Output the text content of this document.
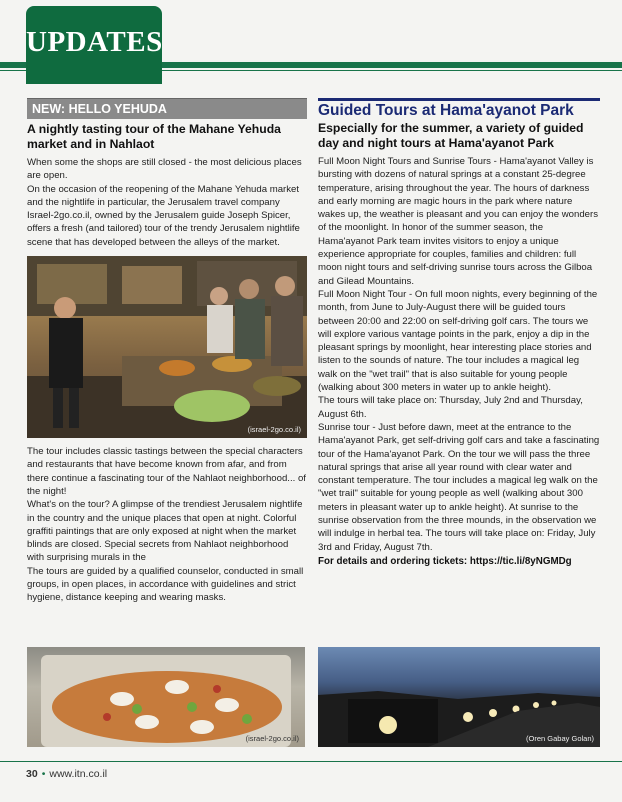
UPDATES
NEW: HELLO YEHUDA
A nightly tasting tour of the Mahane Yehuda market and in Nahlaot

When some the shops are still closed - the most delicious places are open.

On the occasion of the reopening of the Mahane Yehuda market and the nightlife in particular, the Jerusalem travel company Israel-2go.co.il, owned by the Jerusalem guide Joseph Spicer, offers a fresh (and tailored) tour of the trendy Jerusalem nightlife scene that has developed between the alleys of the market.

(israel-2go.co.il)

The tour includes classic tastings between the special characters and restaurants that have become known from afar, and from there continue a fascinating tour of the Nahlaot neighborhood... of the night!

What's on the tour? A glimpse of the trendiest Jerusalem nightlife in the country and the unique places that open at night. Colorful graffiti paintings that are only exposed at night when the market blinds are closed. Special secrets from Nahlaot neighborhood with surprising murals in the

The tours are guided by a qualified counselor, conducted in small groups, in open places, in accordance with guidelines and strict hygiene, distance keeping and wearing masks.

(israel-2go.co.il)
Guided Tours at Hama'ayanot Park
Especially for the summer, a variety of guided day and night tours at Hama'ayanot Park

Full Moon Night Tours and Sunrise Tours - Hama'ayanot Valley is bursting with dozens of natural springs at a constant 25-degree temperature, arising throughout the year. The hours of darkness and early morning are magic hours in the park where nature wakes up, the weather is pleasant and you can enjoy the wonders of the moonlight. In honor of the summer season, the Hama'ayanot Park team invites visitors to enjoy a unique experience appropriate for couples, families and children: full moon night tours and self-driving sunrise tours across the Gilboa and Gilead Mountains.

Full Moon Night Tour - On full moon nights, every beginning of the month, from June to July-August there will be guided tours between 20:00 and 22:00 on self-driving golf cars. The tours we will explore various vantage points in the park, enjoy a dip in the pleasant springs by moonlight, hear interesting place stories and listen to the sounds of nature. The tour includes a magical leg walk on the "wet trail" that is also suitable for young people (walking about 300 meters in water up to ankle height).

The tours will take place on: Thursday, July 2nd and Thursday, August 6th.

Sunrise tour - Just before dawn, meet at the entrance to the Hama'ayanot Park, get self-driving golf cars and take a fascinating tour of the Hama'ayanot Park. On the tour we will pass the three natural springs that arise all year round with clear water and constant temperature. The tour includes a magical leg walk on the "wet trail" suitable for young people as well (walking about 300 meters in pleasant water up to ankle height). At sunrise to the sunrise observation from the three mounds, in the observation we will indulge in herbal tea. The tours will take place on: Friday, July 3rd and Friday, August 7th.

For details and ordering tickets: https://tic.li/8yNGMDg
(Oren Gabay Golan)
30 • www.itn.co.il
